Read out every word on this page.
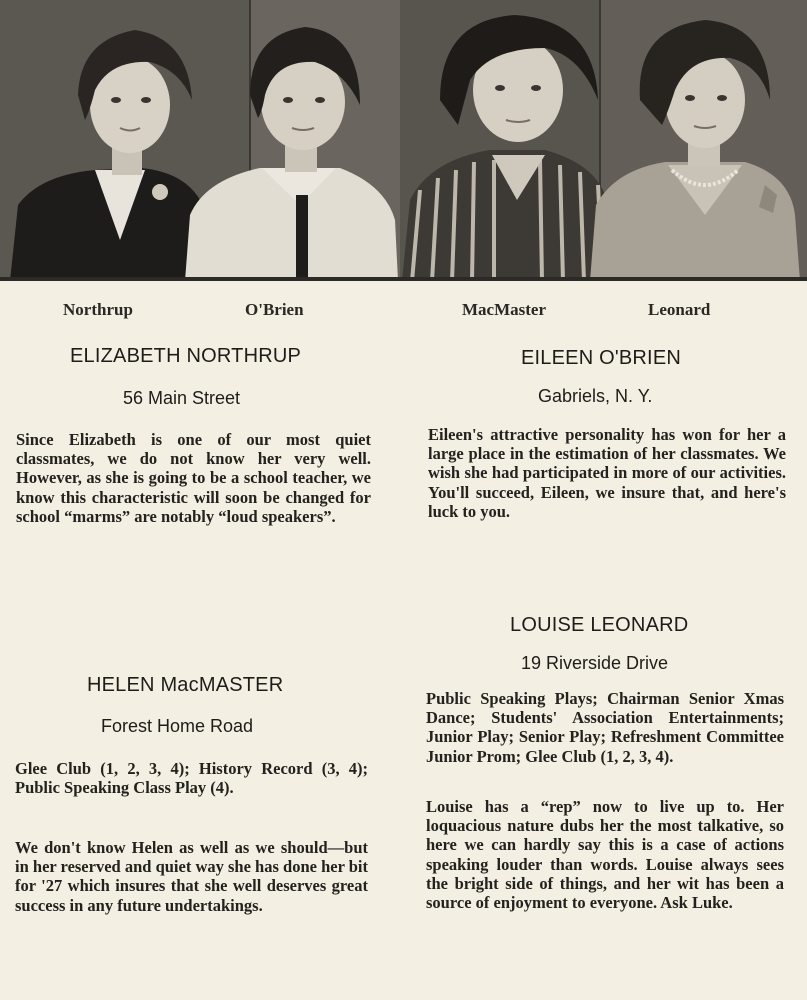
Northrup	O'Brien	MacMaster	Leonard
ELIZABETH NORTHRUP
56 Main Street

Since Elizabeth is one of our most quiet classmates, we do not know her very well. However, as she is going to be a school teacher, we know this characteristic will soon be changed for school “marms” are notably “loud speakers”.

EILEEN O'BRIEN
Gabriels, N. Y.

Eileen's attractive personality has won for her a large place in the estimation of her classmates. We wish she had participated in more of our activities. You'll succeed, Eileen, we insure that, and here's luck to you.

HELEN MacMASTER
Forest Home Road

Glee Club (1, 2, 3, 4); History Record (3, 4); Public Speaking Class Play (4).

We don't know Helen as well as we should—but in her reserved and quiet way she has done her bit for '27 which insures that she well deserves great success in any future undertakings.

LOUISE LEONARD
19 Riverside Drive

Public Speaking Plays; Chairman Senior Xmas Dance; Students' Association Entertainments; Junior Play; Senior Play; Refreshment Committee Junior Prom; Glee Club (1, 2, 3, 4).

Louise has a “rep” now to live up to. Her loquacious nature dubs her the most talkative, so here we can hardly say this is a case of actions speaking louder than words. Louise always sees the bright side of things, and her wit has been a source of enjoyment to everyone. Ask Luke.
